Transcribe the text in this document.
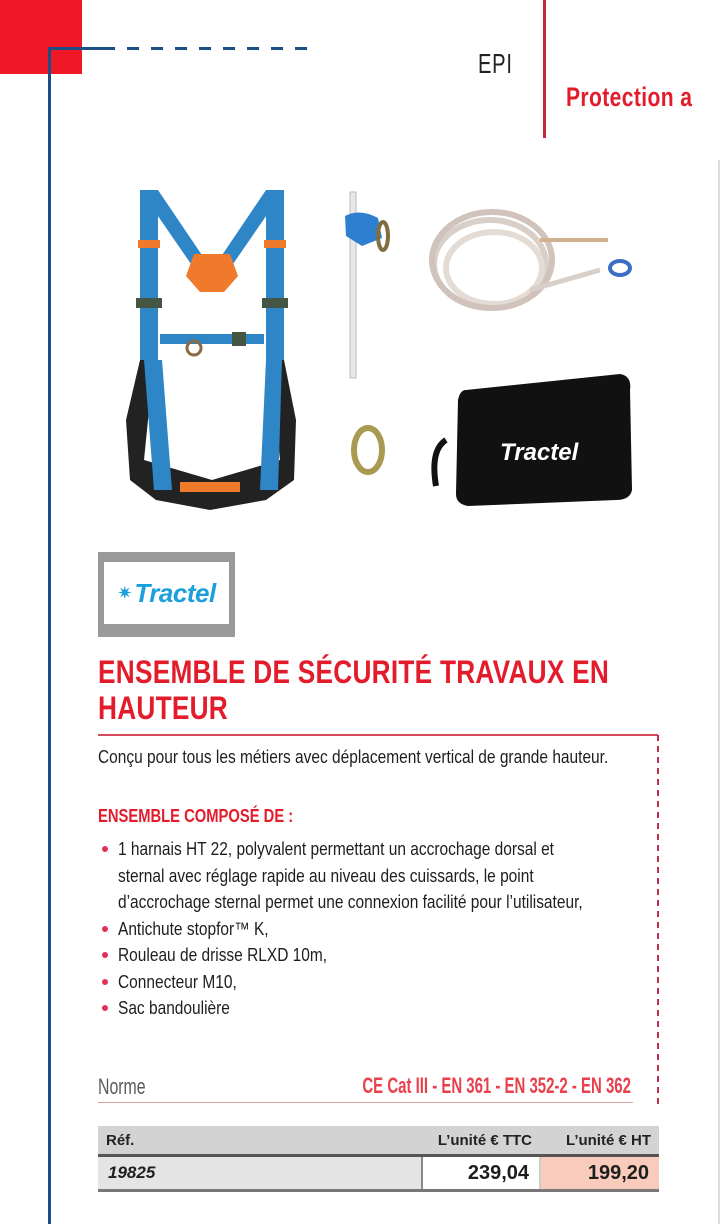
EPI
Protection a
Tractel
✷ Tractel
ENSEMBLE DE SÉCURITÉ TRAVAUX EN HAUTEUR

Conçu pour tous les métiers avec déplacement vertical de grande hauteur.

ENSEMBLE COMPOSÉ DE :
1 harnais HT 22, polyvalent permettant un accrochage dorsal et sternal avec réglage rapide au niveau des cuissards, le point d’accrochage sternal permet une connexion facilité pour l’utilisateur,
Antichute stopfor™ K,
Rouleau de drisse RLXD 10m,
Connecteur M10,
Sac bandoulière
Norme	CE Cat III - EN 361 - EN 352-2 - EN 362
Réf.	L’unité € TTC	L’unité € HT
19825	239,04	199,20
